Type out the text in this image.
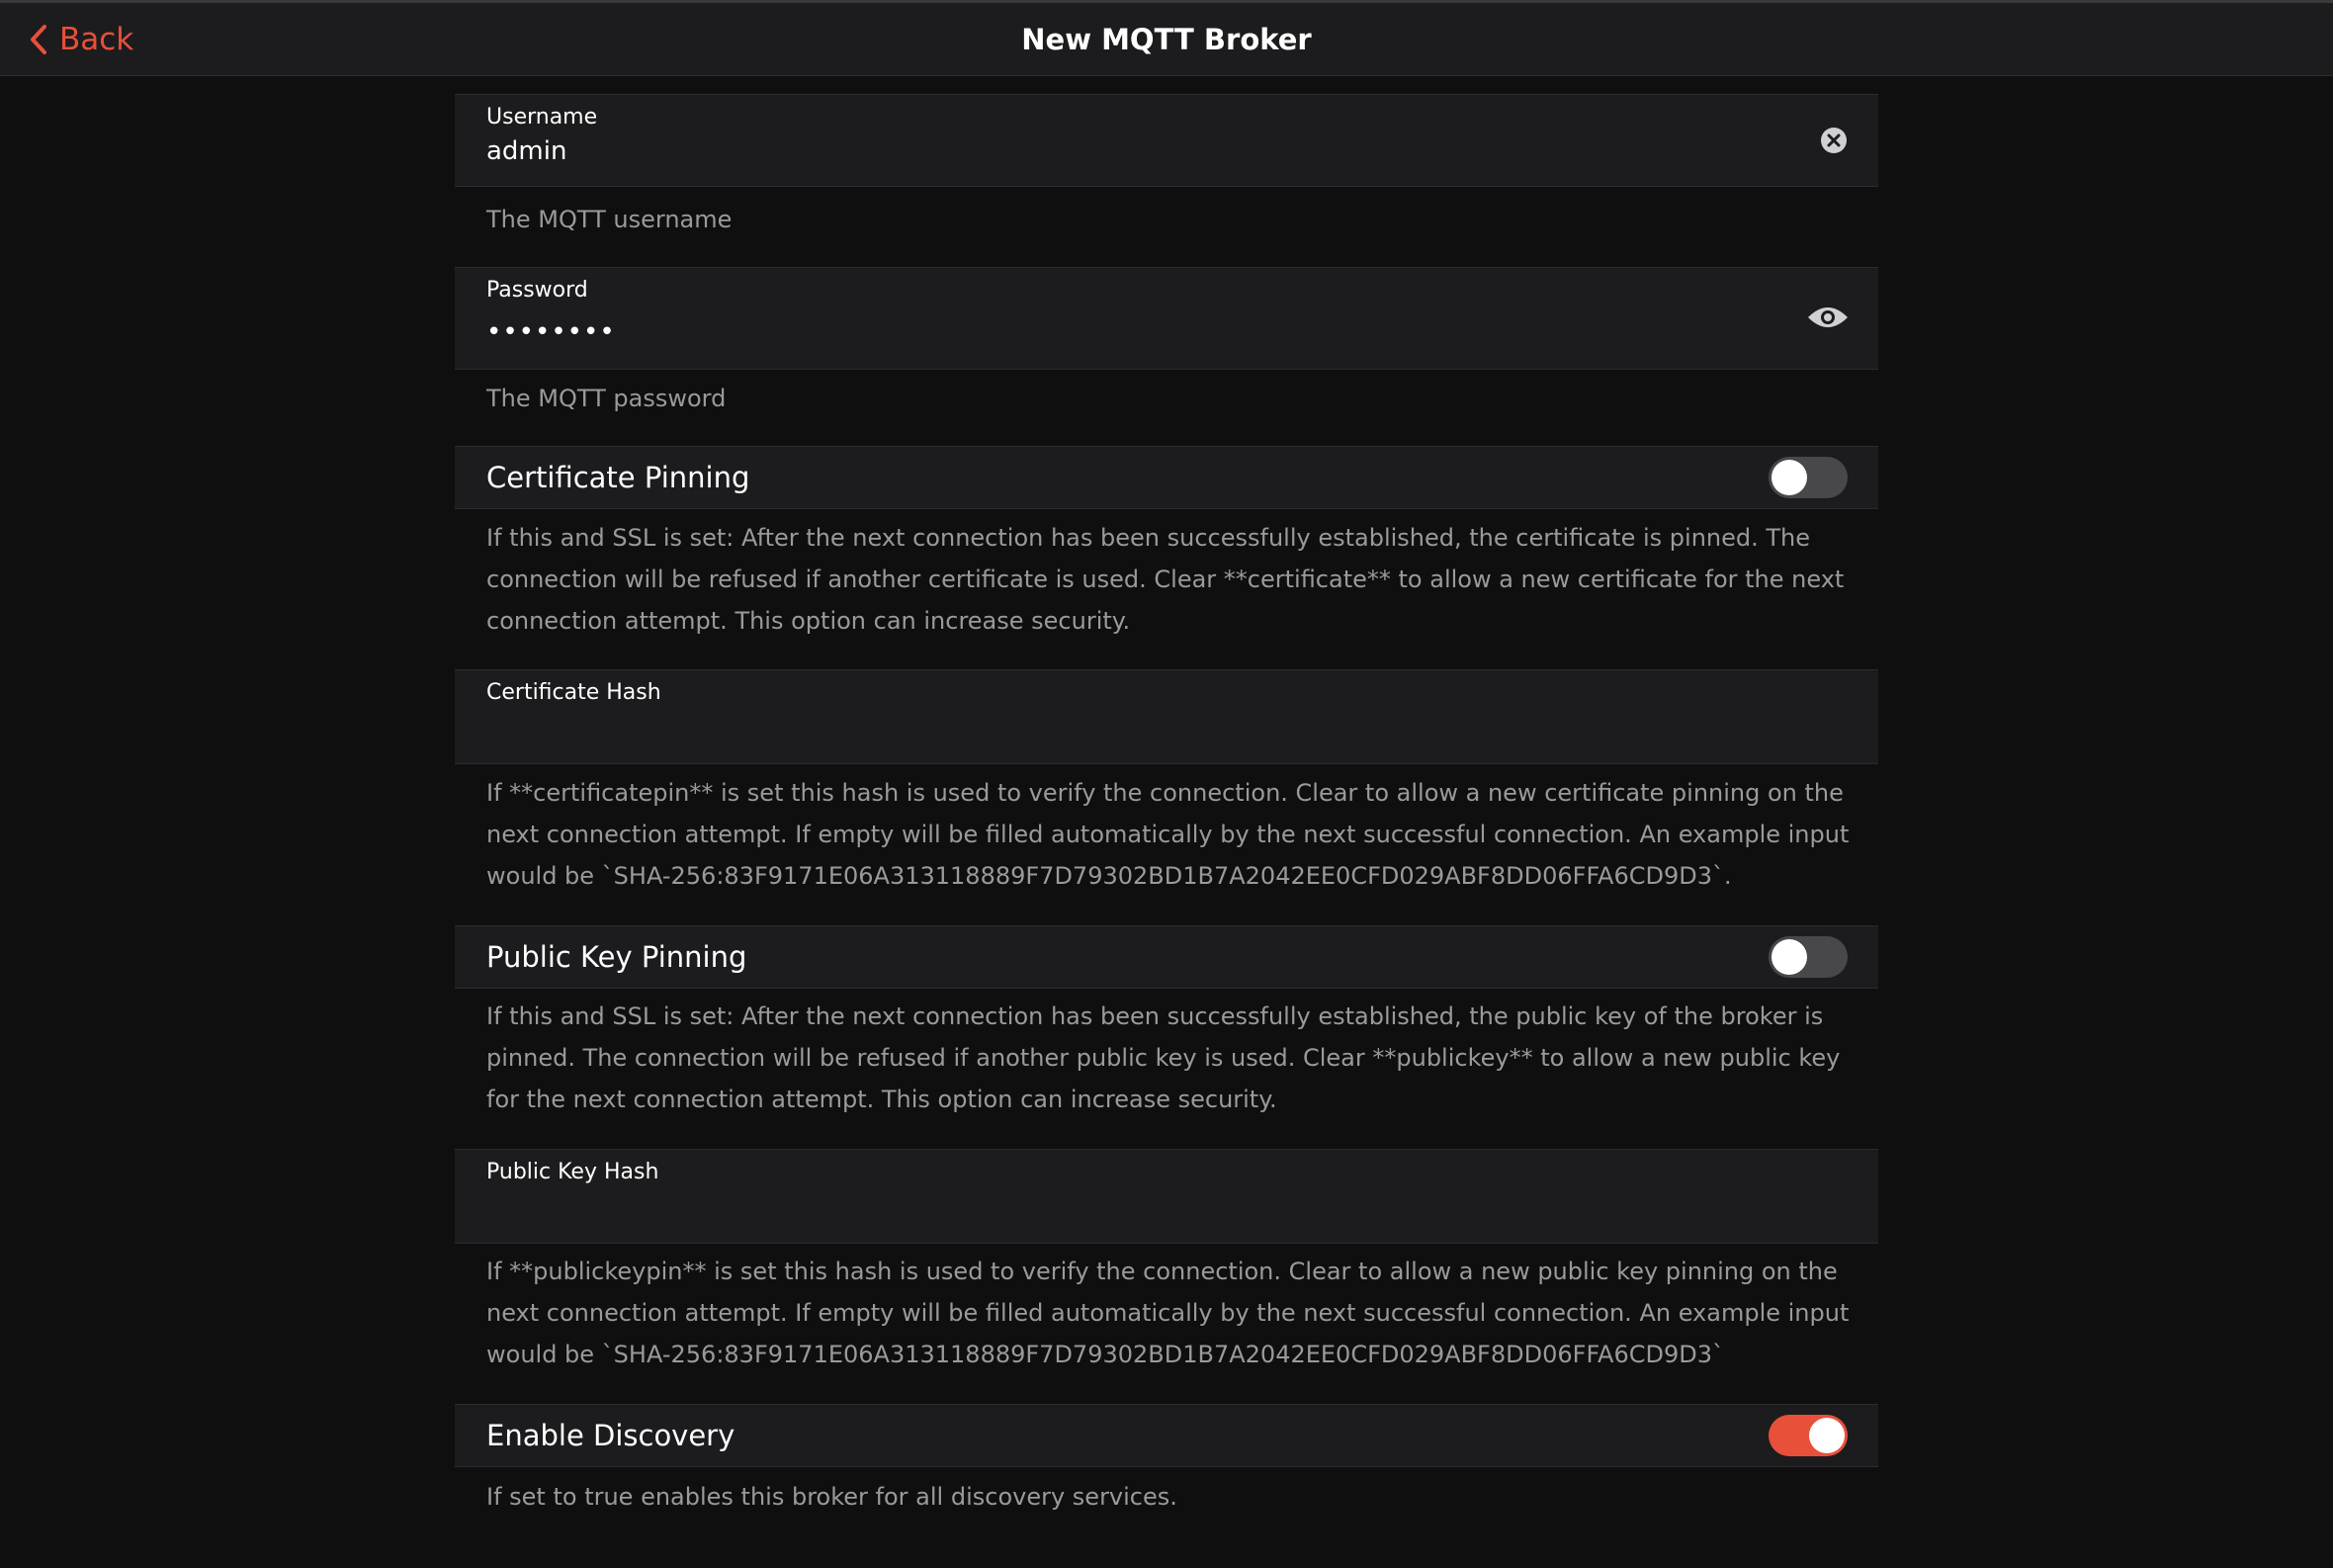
Back	New MQTT Broker
Username
admin
The MQTT username
Password
••••••••
The MQTT password
Certificate Pinning
If this and SSL is set: After the next connection has been successfully established, the certificate is pinned. The connection will be refused if another certificate is used. Clear **certificate** to allow a new certificate for the next connection attempt. This option can increase security.
Certificate Hash
If **certificatepin** is set this hash is used to verify the connection. Clear to allow a new certificate pinning on the next connection attempt. If empty will be filled automatically by the next successful connection. An example input would be `SHA-256:83F9171E06A313118889F7D79302BD1B7A2042EE0CFD029ABF8DD06FFA6CD9D3`.
Public Key Pinning
If this and SSL is set: After the next connection has been successfully established, the public key of the broker is pinned. The connection will be refused if another public key is used. Clear **publickey** to allow a new public key for the next connection attempt. This option can increase security.
Public Key Hash
If **publickeypin** is set this hash is used to verify the connection. Clear to allow a new public key pinning on the next connection attempt. If empty will be filled automatically by the next successful connection. An example input would be `SHA-256:83F9171E06A313118889F7D79302BD1B7A2042EE0CFD029ABF8DD06FFA6CD9D3`
Enable Discovery
If set to true enables this broker for all discovery services.
